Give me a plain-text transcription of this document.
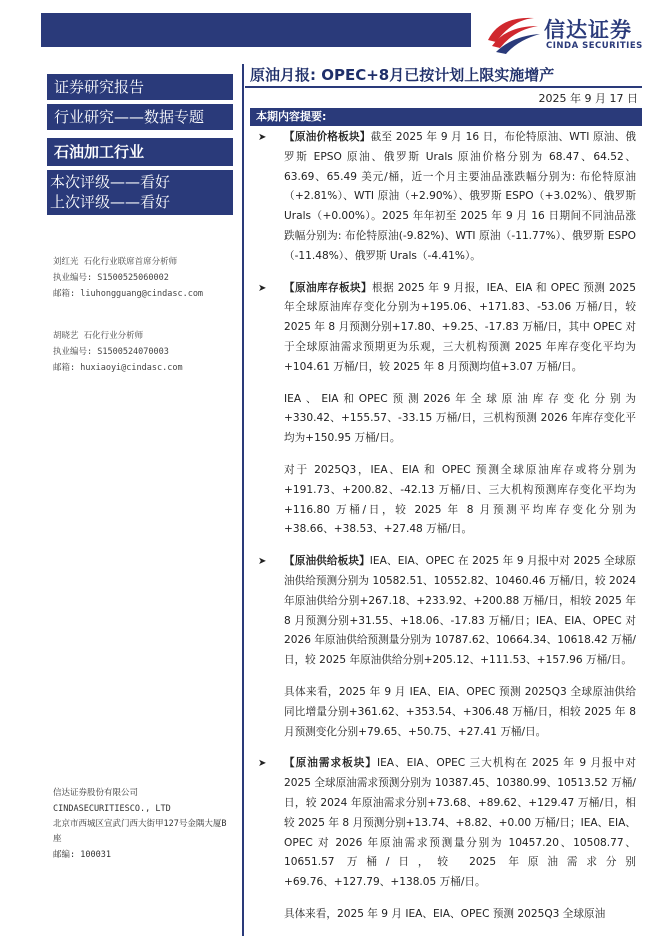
信达证券
CINDA SECURITIES
证券研究报告
行业研究——数据专题
石油加工行业
本次评级——看好
上次评级——看好
刘红光 石化行业联席首席分析师
执业编号: S1500525060002
邮箱: liuhongguang@cindasc.com
胡晓艺 石化行业分析师
执业编号: S1500524070003
邮箱: huxiaoyi@cindasc.com
信达证券股份有限公司
CINDASECURITIESCO., LTD
北京市西城区宣武门西大街甲127号金隅大厦B座
邮编: 100031
原油月报: OPEC+8月已按计划上限实施增产
2025 年 9 月 17 日
本期内容提要:
➤ 【原油价格板块】截至 2025 年 9 月 16 日，布伦特原油、WTI 原油、俄罗斯 EPSO 原油、俄罗斯 Urals 原油价格分别为 68.47、64.52、63.69、65.49 美元/桶，近一个月主要油品涨跌幅分别为: 布伦特原油（+2.81%）、WTI 原油（+2.90%）、俄罗斯 ESPO（+3.02%）、俄罗斯 Urals（+0.00%）。2025 年年初至 2025 年 9 月 16 日期间不同油品涨跌幅分别为: 布伦特原油(-9.82%)、WTI 原油（-11.77%）、俄罗斯 ESPO（-11.48%）、俄罗斯 Urals（-4.41%）。
➤ 【原油库存板块】根据 2025 年 9 月报，IEA、EIA 和 OPEC 预测 2025 年全球原油库存变化分别为+195.06、+171.83、-53.06 万桶/日，较 2025 年 8 月预测分别+17.80、+9.25、-17.83 万桶/日，其中 OPEC 对于全球原油需求预期更为乐观，三大机构预测 2025 年库存变化平均为+104.61 万桶/日，较 2025 年 8 月预测均值+3.07 万桶/日。
IEA、EIA和OPEC预测2026年全球原油库存变化分别为+330.42、+155.57、-33.15 万桶/日，三机构预测 2026 年库存变化平均为+150.95 万桶/日。
对于 2025Q3，IEA、EIA 和 OPEC 预测全球原油库存或将分别为+191.73、+200.82、-42.13 万桶/日、三大机构预测库存变化平均为+116.80 万桶/日，较 2025 年 8 月预测平均库存变化分别为+38.66、+38.53、+27.48 万桶/日。
➤ 【原油供给板块】IEA、EIA、OPEC 在 2025 年 9 月报中对 2025 全球原油供给预测分别为 10582.51、10552.82、10460.46 万桶/日，较 2024 年原油供给分别+267.18、+233.92、+200.88 万桶/日，相较 2025 年 8 月预测分别+31.55、+18.06、-17.83 万桶/日；IEA、EIA、OPEC 对 2026 年原油供给预测量分别为 10787.62、10664.34、10618.42 万桶/日，较 2025 年原油供给分别+205.12、+111.53、+157.96 万桶/日。
具体来看，2025 年 9 月 IEA、EIA、OPEC 预测 2025Q3 全球原油供给同比增量分别+361.62、+353.54、+306.48 万桶/日，相较 2025 年 8 月预测变化分别+79.65、+50.75、+27.41 万桶/日。
➤ 【原油需求板块】IEA、EIA、OPEC 三大机构在 2025 年 9 月报中对 2025 全球原油需求预测分别为 10387.45、10380.99、10513.52 万桶/日，较 2024 年原油需求分别+73.68、+89.62、+129.47 万桶/日，相较 2025 年 8 月预测分别+13.74、+8.82、+0.00 万桶/日；IEA、EIA、OPEC 对 2026 年原油需求预测量分别为 10457.20、10508.77、10651.57 万桶/日，较 2025 年原油需求分别+69.76、+127.79、+138.05 万桶/日。
具体来看，2025 年 9 月 IEA、EIA、OPEC 预测 2025Q3 全球原油
